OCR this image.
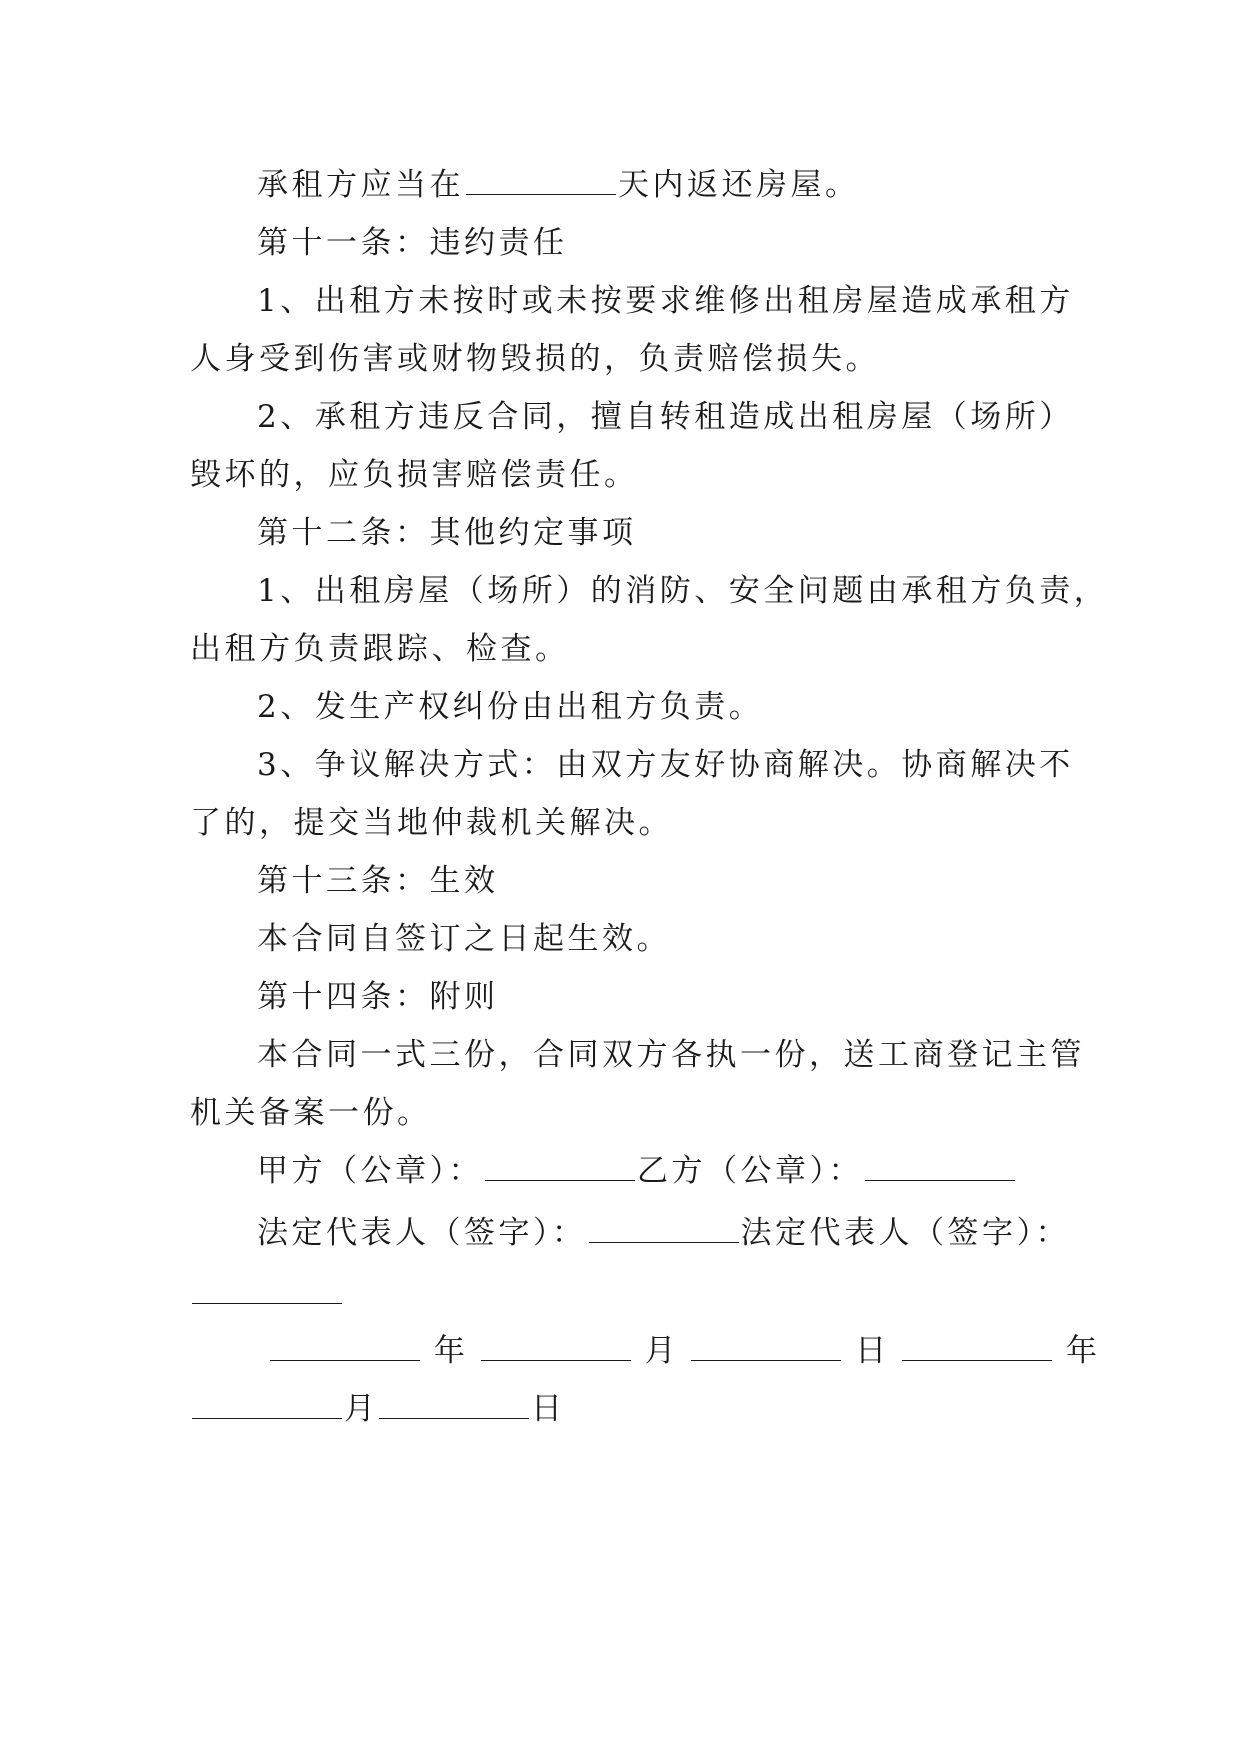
承租方应当在	天内返还房屋。
第十一条：违约责任
1、出租方未按时或未按要求维修出租房屋造成承租方
人身受到伤害或财物毁损的，负责赔偿损失。
2、承租方违反合同，擅自转租造成出租房屋（场所）
毁坏的，应负损害赔偿责任。
第十二条：其他约定事项
1、出租房屋（场所）的消防、安全问题由承租方负责，
出租方负责跟踪、检查。
2、发生产权纠份由出租方负责。
3、争议解决方式：由双方友好协商解决。协商解决不
了的，提交当地仲裁机关解决。
第十三条：生效
本合同自签订之日起生效。
第十四条：附则
本合同一式三份，合同双方各执一份，送工商登记主管
机关备案一份。
甲方（公章）：	乙方（公章）：
法定代表人（签字）：	法定代表人（签字）：
年	月	日	年
月	日
